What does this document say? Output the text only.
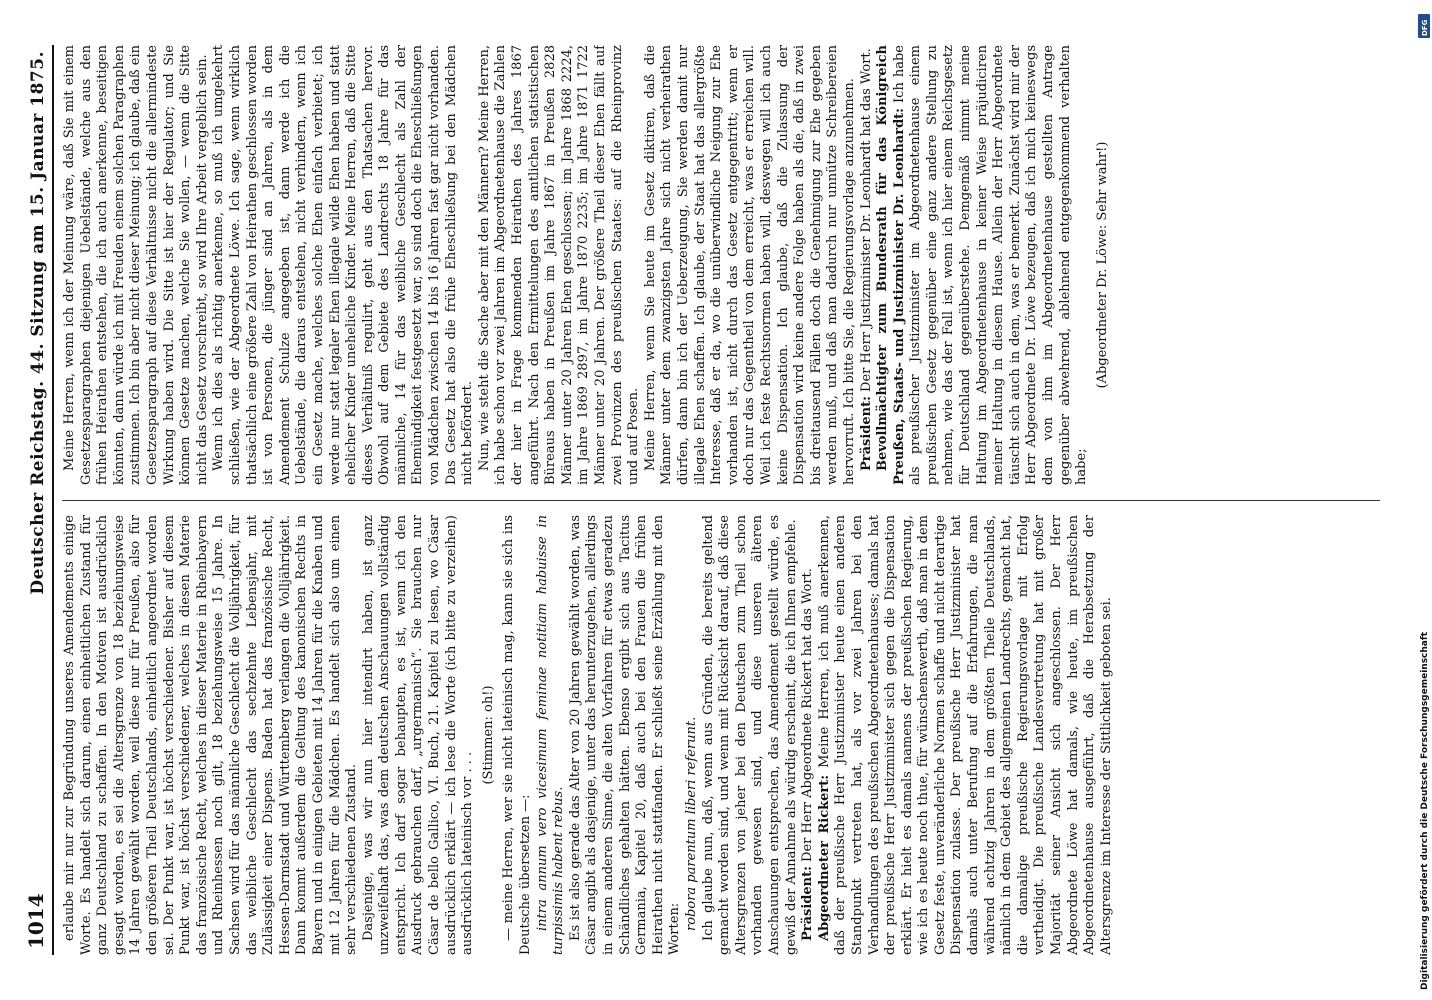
1014
Deutscher Reichstag. 44. Sitzung am 15. Januar 1875.

erlaube mir nur zur Begründung unseres Amendements einige Worte. Es handelt sich darum, einen einheitlichen Zustand für ganz Deutschland zu schaffen. In den Motiven ist ausdrücklich gesagt worden, es sei die Altersgrenze von 18 beziehungsweise 14 Jahren gewählt worden, weil diese nur für Preußen, also für den größeren Theil Deutschlands, einheitlich angeordnet worden sei. Der Punkt war, ist höchst verschiedener. Bisher auf diesem Punkt war, ist höchst verschiedener, welches in diesen Materie das französische Recht, welches in dieser Materie in Rheinbayern und Rheinhessen noch gilt, 18 beziehungsweise 15 Jahre. In Sachsen wird für das männliche Geschlecht die Volljährigkeit, für das weibliche Geschlecht das sechzehnte Lebensjahr, mit Zulässigkeit einer Dispens. Baden hat das französische Recht, Hessen-Darmstadt und Württemberg verlangen die Volljährigkeit. Dann kommt außerdem die Geltung des kanonischen Rechts in Bayern und in einigen Gebieten mit 14 Jahren für die Knaben und mit 12 Jahren für die Mädchen. Es handelt sich also um einen sehr verschiedenen Zustand. Dasjenige, was wir nun hier intendirt haben, ist ganz unzweifelhaft das, was dem deutschen Anschauungen vollständig entspricht. Ich darf sogar behaupten, es ist, wenn ich den Ausdruck gebrauchen darf, „urgermanisch“. Sie brauchen nur Cäsar de bello Gallico, VI. Buch, 21. Kapitel zu lesen, wo Cäsar ausdrücklich erklärt — ich lese die Worte (ich bitte zu verzeihen) ausdrücklich lateinisch vor . . .

(Stimmen: oh!) — meine Herren, wer sie nicht lateinisch mag, kann sie sich ins Deutsche übersetzen —: intra annum vero vicesimum feminae notitiam habuisse in turpissimis habent rebus. Es ist also gerade das Alter von 20 Jahren gewählt worden, was Cäsar angibt als dasjenige, unter das herunterzugehen, allerdings in einem anderen Sinne, die alten Vorfahren für etwas geradezu Schändliches gehalten hätten. Ebenso ergibt sich aus Tacitus Germania, Kapitel 20, daß auch bei den Frauen die frühen Heirathen nicht stattfanden. Er schließt seine Erzählung mit den Worten: robora parentum liberi referunt. Ich glaube nun, daß, wenn aus Gründen, die bereits geltend gemacht worden sind, und wenn mit Rücksicht darauf, daß diese Altersgrenzen von jeher bei den Deutschen zum Theil schon vorhanden gewesen sind, und diese unseren älteren Anschauungen entsprechen, das Amendement gestellt würde, es gewiß der Annahme als würdig erscheint, die ich Ihnen empfehle. Präsident: Der Herr Abgeordnete Rickert hat das Wort. Abgeordneter Rickert: Meine Herren, ich muß anerkennen, daß der preußische Herr Justizminister heute einen anderen Standpunkt vertreten hat, als vor zwei Jahren bei den Verhandlungen des preußischen Abgeordnetenhauses; damals hat der preußische Herr Justizminister sich gegen die Dispensation erklärt. Er hielt es damals namens der preußischen Regierung, wie ich es heute noch thue, für wünschenswerth, daß man in dem Gesetz feste, unveränderliche Normen schaffe und nicht derartige Dispensation zulasse. Der preußische Herr Justizminister hat damals auch unter Berufung auf die Erfahrungen, die man während achtzig Jahren in dem größten Theile Deutschlands, nämlich in dem Gebiet des allgemeinen Landrechts, gemacht hat, die damalige preußische Regierungsvorlage mit Erfolg vertheidigt. Die preußische Landesvertretung hat mit großer Majorität seiner Ansicht sich angeschlossen. Der Herr Abgeordnete Löwe hat damals, wie heute, im preußischen Abgeordnetenhause ausgeführt, daß die Herabsetzung der Altersgrenze im Interesse der Sittlichkeit geboten sei.

Meine Herren, wenn ich der Meinung wäre, daß Sie mit einem Gesetzesparagraphen diejenigen Uebelstände, welche aus den frühen Heirathen entstehen, die ich auch anerkenne, beseitigen könnten, dann würde ich mit Freuden einem solchen Paragraphen zustimmen. Ich bin aber nicht dieser Meinung; ich glaube, daß ein Gesetzesparagraph auf diese Verhältnisse nicht die allermindeste Wirkung haben wird. Die Sitte ist hier der Regulator; und Sie können Gesetze machen, welche Sie wollen, — wenn die Sitte nicht das Gesetz vorschreibt, so wird Ihre Arbeit vergeblich sein. Wenn ich dies als richtig anerkenne, so muß ich umgekehrt schließen, wie der Abgeordnete Löwe. Ich sage, wenn wirklich thatsächlich eine größere Zahl von Heirathen geschlossen worden ist von Personen, die jünger sind an Jahren, als in dem Amendement Schulze angegeben ist, dann werde ich die Uebelstände, die daraus entstehen, nicht verhindern, wenn ich ein Gesetz mache, welches solche Ehen einfach verbietet; ich werde nur statt legaler Ehen illegale wilde Ehen haben und statt ehelicher Kinder uneheliche Kinder. Meine Herren, daß die Sitte dieses Verhältniß regulirt, geht aus den Thatsachen hervor. Obwohl auf dem Gebiete des Landrechts 18 Jahre für das männliche, 14 für das weibliche Geschlecht als Zahl der Ehemündigkeit festgesetzt war, so sind doch die Eheschließungen von Mädchen zwischen 14 bis 16 Jahren fast gar nicht vorhanden. Das Gesetz hat also die frühe Eheschließung bei den Mädchen nicht befördert. Nun, wie steht die Sache aber mit den Männern? Meine Herren, ich habe schon vor zwei Jahren im Abgeordnetenhause die Zahlen der hier in Frage kommenden Heirathen des Jahres 1867 angeführt. Nach den Ermittelungen des amtlichen statistischen Büreaus haben in Preußen im Jahre 1867 in Preußen 2828 Männer unter 20 Jahren Ehen geschlossen; im Jahre 1868 2224, im Jahre 1869 2897, im Jahre 1870 2235; im Jahre 1871 1722 Männer unter 20 Jahren. Der größere Theil dieser Ehen fällt auf zwei Provinzen des preußischen Staates: auf die Rheinprovinz und auf Posen. Meine Herren, wenn Sie heute im Gesetz diktiren, daß die Männer unter dem zwanzigsten Jahre sich nicht verheirathen dürfen, dann bin ich der Ueberzeugung, Sie werden damit nur illegale Ehen schaffen. Ich glaube, der Staat hat das allergrößte Interesse, daß er da, wo die unüberwindliche Neigung zur Ehe vorhanden ist, nicht durch das Gesetz entgegentritt; wenn er doch nur das Gegentheil von dem erreicht, was er erreichen will. Weil ich feste Rechtsnormen haben will, deswegen will ich auch keine Dispensation. Ich glaube, daß die Zulassung der Dispensation wird keine andere Folge haben als die, daß in zwei bis dreitausend Fällen doch die Genehmigung zur Ehe gegeben werden muß, und daß man dadurch nur unnütze Schreibereien hervorruft. Ich bitte Sie, die Regierungsvorlage anzunehmen. Präsident: Der Herr Justizminister Dr. Leonhardt hat das Wort. Bevollmächtigter zum Bundesrath für das Königreich Preußen, Staats- und Justizminister Dr. Leonhardt: Ich habe als preußischer Justizminister im Abgeordnetenhause einem preußischen Gesetz gegenüber eine ganz andere Stellung zu nehmen, wie das der Fall ist, wenn ich hier einem Reichsgesetz für Deutschland gegenüberstehe. Demgemäß nimmt meine Haltung im Abgeordnetenhause in keiner Weise präjudiciren meiner Haltung in diesem Hause. Allein der Herr Abgeordnete täuscht sich auch in dem, was er bemerkt. Zunächst wird mir der Herr Abgeordnete Dr. Löwe bezeugen, daß ich mich keineswegs dem von ihm im Abgeordnetenhause gestellten Antrage gegenüber abwehrend, ablehnend entgegenkommend verhalten habe;

(Abgeordneter Dr. Löwe: Sehr wahr!)

DFG
Digitalisierung gefördert durch die Deutsche Forschungsgemeinschaft
